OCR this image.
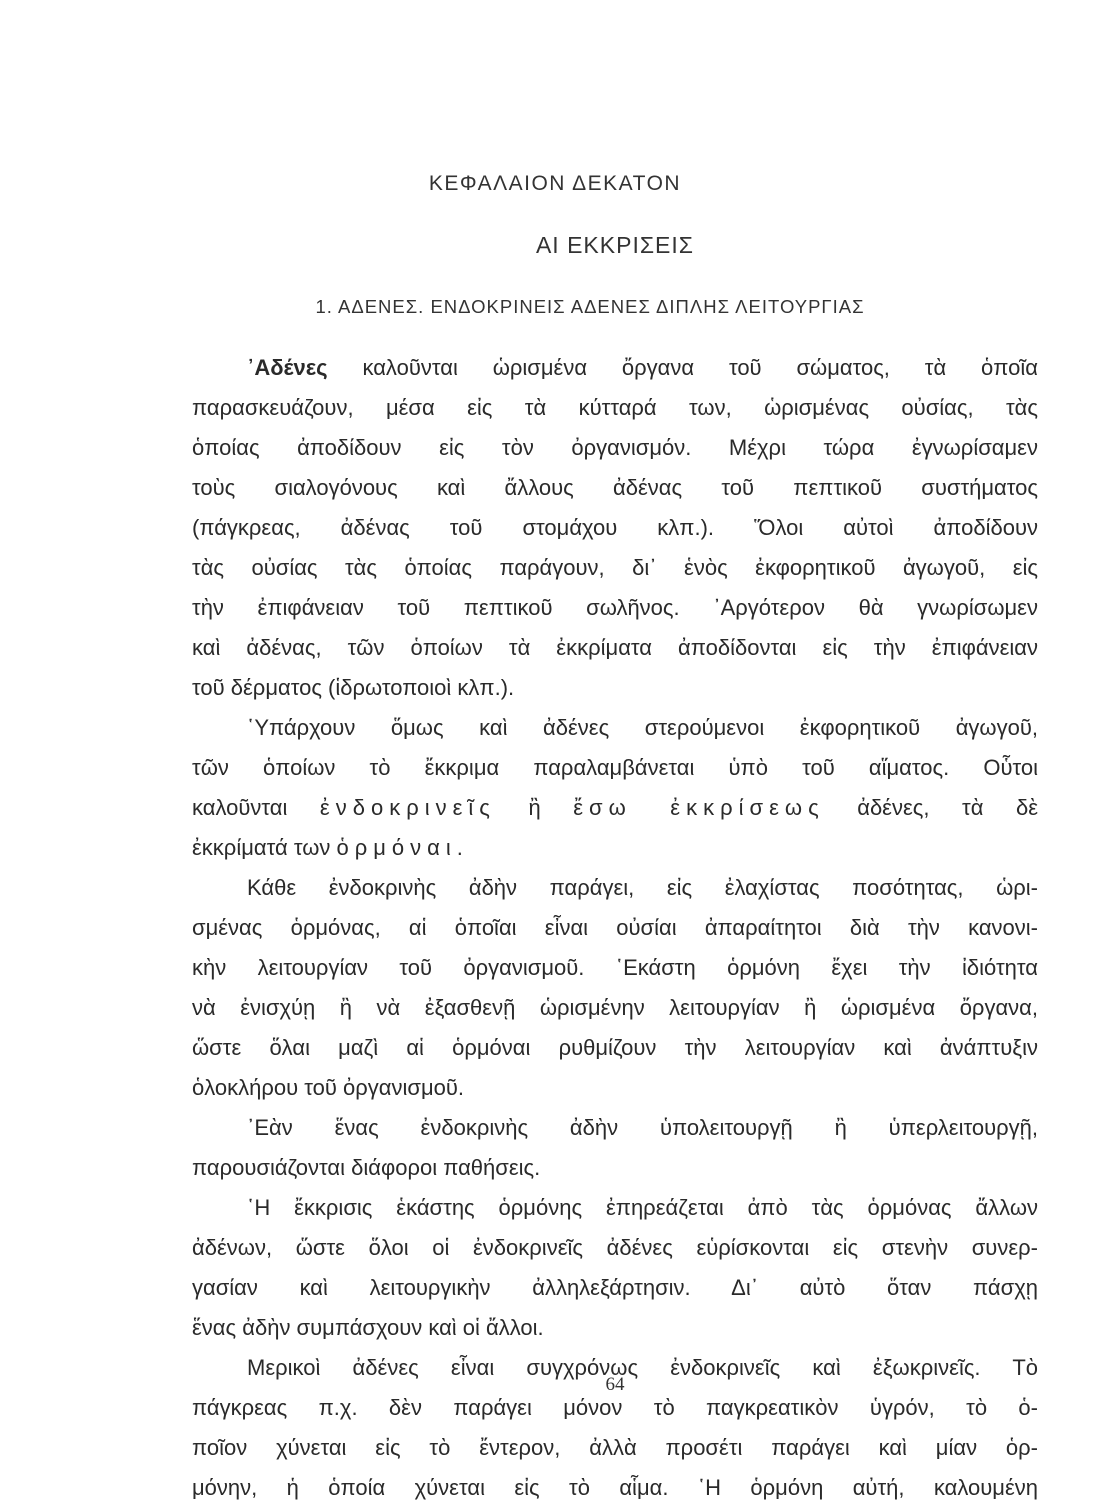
ΚΕΦΑΛΑΙΟΝ ΔΕΚΑΤΟΝ
ΑΙ ΕΚΚΡΙΣΕΙΣ
1. ΑΔΕΝΕΣ. ΕΝΔΟΚΡΙΝΕΙΣ ΑΔΕΝΕΣ ΔΙΠΛΗΣ ΛΕΙΤΟΥΡΓΙΑΣ
᾿Αδένες καλοῦνται ὡρισμένα ὄργανα τοῦ σώματος, τὰ ὁποῖα
παρασκευάζουν, μέσα εἰς τὰ κύτταρά των, ὡρισμένας οὐσίας, τὰς
ὁποίας ἀποδίδουν εἰς τὸν ὀργανισμόν. Μέχρι τώρα ἐγνωρίσαμεν
τοὺς σιαλογόνους καὶ ἄλλους ἀδένας τοῦ πεπτικοῦ συστήματος
(πάγκρεας, ἀδένας τοῦ στομάχου κλπ.). Ὅλοι αὐτοὶ ἀποδίδουν
τὰς οὐσίας τὰς ὁποίας παράγουν, δι᾿ ἑνὸς ἐκφορητικοῦ ἀγωγοῦ, εἰς
τὴν ἐπιφάνειαν τοῦ πεπτικοῦ σωλῆνος. ᾿Αργότερον θὰ γνωρίσωμεν
καὶ ἀδένας, τῶν ὁποίων τὰ ἐκκρίματα ἀποδίδονται εἰς τὴν ἐπιφάνειαν
τοῦ δέρματος (ἱδρωτοποιοὶ κλπ.).
῾Υπάρχουν ὅμως καὶ ἀδένες στερούμενοι ἐκφορητικοῦ ἀγωγοῦ,
τῶν ὁποίων τὸ ἔκκριμα παραλαμβάνεται ὑπὸ τοῦ αἵματος. Οὗτοι
καλοῦνται ἐνδοκρινεῖς ἢ ἔσω ἐκκρίσεως ἀδένες, τὰ δὲ
ἐκκρίματά των ὁρμόναι.
Κάθε ἐνδοκρινὴς ἀδὴν παράγει, εἰς ἐλαχίστας ποσότητας, ὡρι-
σμένας ὁρμόνας, αἱ ὁποῖαι εἶναι οὐσίαι ἀπαραίτητοι διὰ τὴν κανονι-
κὴν λειτουργίαν τοῦ ὀργανισμοῦ. ῾Εκάστη ὁρμόνη ἔχει τὴν ἰδιότητα
νὰ ἐνισχύῃ ἢ νὰ ἐξασθενῇ ὡρισμένην λειτουργίαν ἢ ὡρισμένα ὄργανα,
ὥστε ὅλαι μαζὶ αἱ ὁρμόναι ρυθμίζουν τὴν λειτουργίαν καὶ ἀνάπτυξιν
ὁλοκλήρου τοῦ ὀργανισμοῦ.
᾿Εὰν ἕνας ἐνδοκρινὴς ἀδὴν ὑπολειτουργῇ ἢ ὑπερλειτουργῇ,
παρουσιάζονται διάφοροι παθήσεις.
῾Η ἔκκρισις ἑκάστης ὁρμόνης ἐπηρεάζεται ἀπὸ τὰς ὁρμόνας ἄλλων
ἀδένων, ὥστε ὅλοι οἱ ἐνδοκρινεῖς ἀδένες εὑρίσκονται εἰς στενὴν συνερ-
γασίαν καὶ λειτουργικὴν ἀλληλεξάρτησιν. Δι᾿ αὐτὸ ὅταν πάσχῃ
ἕνας ἀδὴν συμπάσχουν καὶ οἱ ἄλλοι.
Μερικοὶ ἀδένες εἶναι συγχρόνως ἐνδοκρινεῖς καὶ ἐξωκρινεῖς. Τὸ
πάγκρεας π.χ. δὲν παράγει μόνον τὸ παγκρεατικὸν ὑγρόν, τὸ ὁ-
ποῖον χύνεται εἰς τὸ ἔντερον, ἀλλὰ προσέτι παράγει καὶ μίαν ὁρ-
μόνην, ἡ ὁποία χύνεται εἰς τὸ αἷμα. ῾Η ὁρμόνη αὐτή, καλουμένη
64
